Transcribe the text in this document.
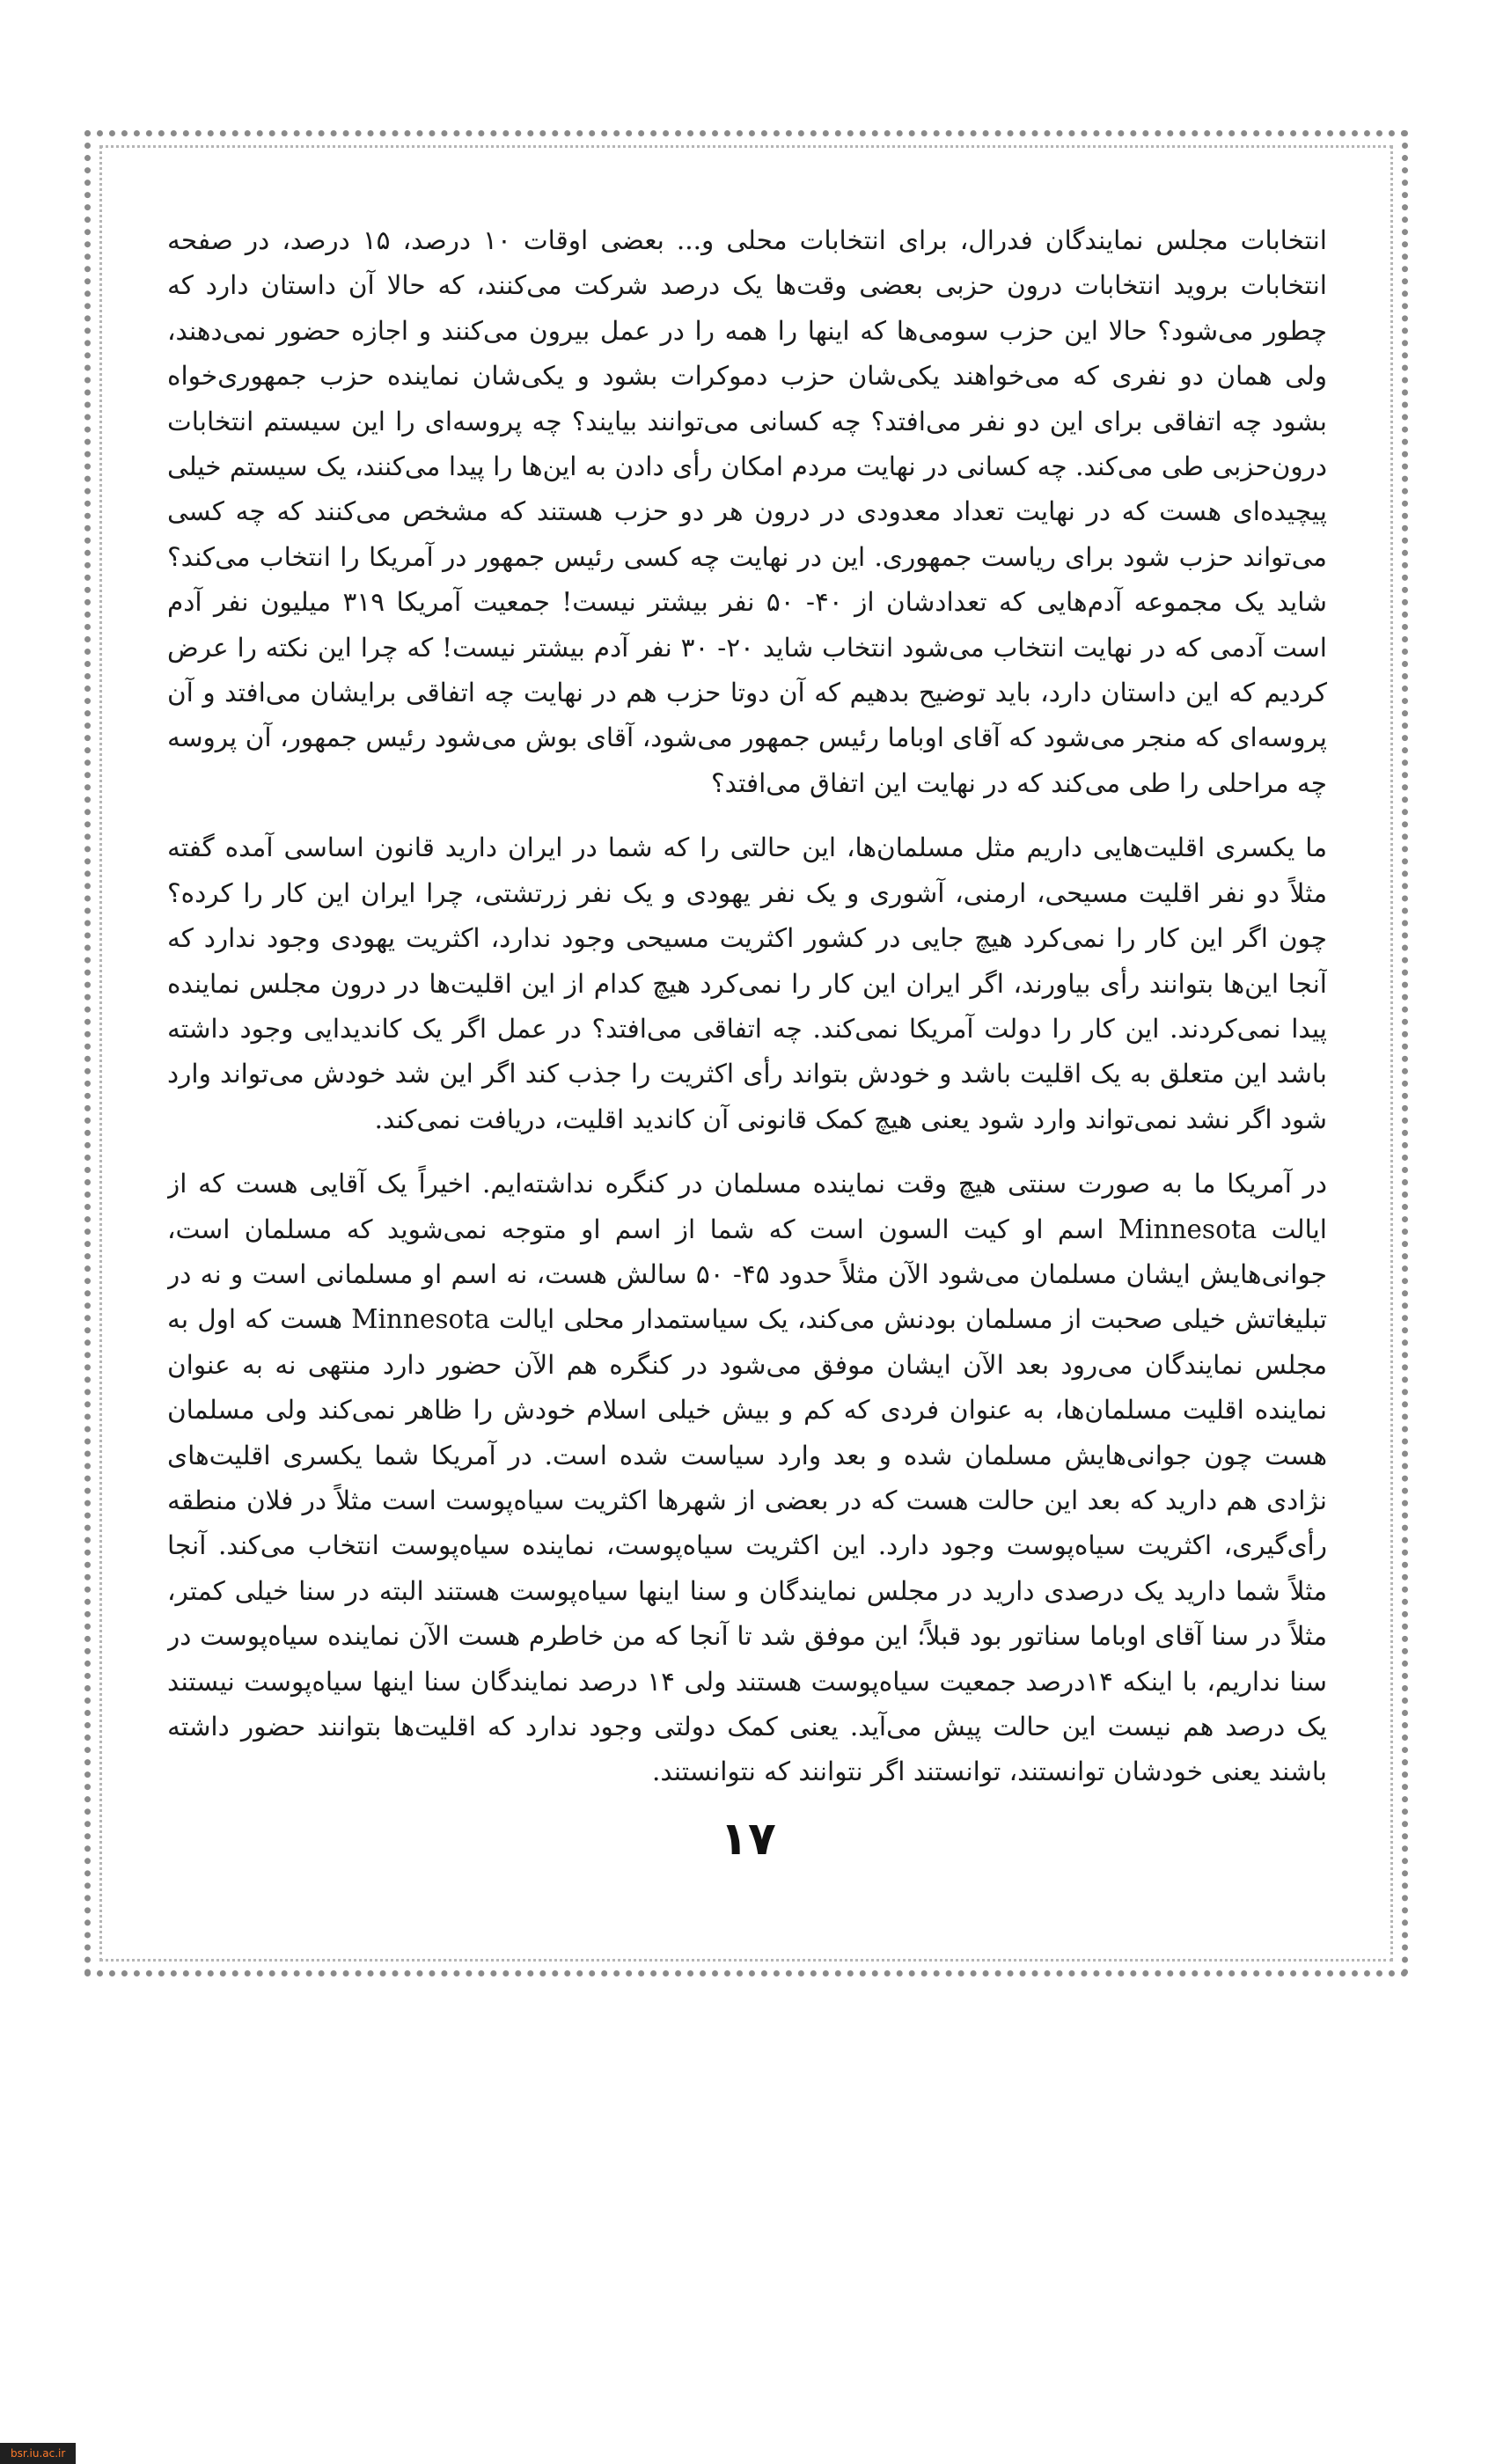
انتخابات مجلس نمایندگان فدرال، برای انتخابات محلی و... بعضی اوقات ۱۰ درصد، ۱۵ درصد، در صفحه انتخابات بروید انتخابات درون حزبی بعضی وقت‌ها یک درصد شرکت می‌کنند، که حالا آن داستان دارد که چطور می‌شود؟ حالا این حزب سومی‌ها که اینها را همه را در عمل بیرون می‌کنند و اجازه حضور نمی‌دهند، ولی همان دو نفری که می‌خواهند یکی‌شان حزب دموکرات بشود و یکی‌شان نماینده حزب جمهوری‌خواه بشود چه اتفاقی برای این دو نفر می‌افتد؟ چه کسانی می‌توانند بیایند؟ چه پروسه‌ای را این سیستم انتخابات درون‌حزبی طی می‌کند. چه کسانی در نهایت مردم امکان رأی دادن به این‌ها را پیدا می‌کنند، یک سیستم خیلی پیچیده‌ای هست که در نهایت تعداد معدودی در درون هر دو حزب هستند که مشخص می‌کنند که چه کسی می‌تواند حزب شود برای ریاست جمهوری. این در نهایت چه کسی رئیس جمهور در آمریکا را انتخاب می‌کند؟ شاید یک مجموعه آدم‌هایی که تعدادشان از ۴۰- ۵۰ نفر بیشتر نیست! جمعیت آمریکا ۳۱۹ میلیون نفر آدم است آدمی که در نهایت انتخاب می‌شود انتخاب شاید ۲۰- ۳۰ نفر آدم بیشتر نیست! که چرا این نکته را عرض کردیم که این داستان دارد، باید توضیح بدهیم که آن دوتا حزب هم در نهایت چه اتفاقی برایشان می‌افتد و آن پروسه‌ای که منجر می‌شود که آقای اوباما رئیس جمهور می‌شود، آقای بوش می‌شود رئیس جمهور، آن پروسه چه مراحلی را طی می‌کند که در نهایت این اتفاق می‌افتد؟

ما یکسری اقلیت‌هایی داریم مثل مسلمان‌ها، این حالتی را که شما در ایران دارید قانون اساسی آمده گفته مثلاً دو نفر اقلیت مسیحی، ارمنی، آشوری و یک نفر یهودی و یک نفر زرتشتی، چرا ایران این کار را کرده؟ چون اگر این کار را نمی‌کرد هیچ جایی در کشور اکثریت مسیحی وجود ندارد، اکثریت یهودی وجود ندارد که آنجا این‌ها بتوانند رأی بیاورند، اگر ایران این کار را نمی‌کرد هیچ کدام از این اقلیت‌ها در درون مجلس نماینده پیدا نمی‌کردند. این کار را دولت آمریکا نمی‌کند. چه اتفاقی می‌افتد؟ در عمل اگر یک کاندیدایی وجود داشته باشد این متعلق به یک اقلیت باشد و خودش بتواند رأی اکثریت را جذب کند اگر این شد خودش می‌تواند وارد شود اگر نشد نمی‌تواند وارد شود یعنی هیچ کمک قانونی آن کاندید اقلیت، دریافت نمی‌کند.

در آمریکا ما به صورت سنتی هیچ وقت نماینده مسلمان در کنگره نداشته‌ایم. اخیراً یک آقایی هست که از ایالت Minnesota اسم او کیت السون است که شما از اسم او متوجه نمی‌شوید که مسلمان است، جوانی‌هایش ایشان مسلمان می‌شود الآن مثلاً حدود ۴۵- ۵۰ سالش هست، نه اسم او مسلمانی است و نه در تبلیغاتش خیلی صحبت از مسلمان بودنش می‌کند، یک سیاستمدار محلی ایالت Minnesota هست که اول به مجلس نمایندگان می‌رود بعد الآن ایشان موفق می‌شود در کنگره هم الآن حضور دارد منتهی نه به عنوان نماینده اقلیت مسلمان‌ها، به عنوان فردی که کم و بیش خیلی اسلام خودش را ظاهر نمی‌کند ولی مسلمان هست چون جوانی‌هایش مسلمان شده و بعد وارد سیاست شده است. در آمریکا شما یکسری اقلیت‌های نژادی هم دارید که بعد این حالت هست که در بعضی از شهرها اکثریت سیاه‌پوست است مثلاً در فلان منطقه رأی‌گیری، اکثریت سیاه‌پوست وجود دارد. این اکثریت سیاه‌پوست، نماینده سیاه‌پوست انتخاب می‌کند. آنجا مثلاً شما دارید یک درصدی دارید در مجلس نمایندگان و سنا اینها سیاه‌پوست هستند البته در سنا خیلی کمتر، مثلاً در سنا آقای اوباما سناتور بود قبلاً؛ این موفق شد تا آنجا که من خاطرم هست الآن نماینده سیاه‌پوست در سنا نداریم، با اینکه ۱۴درصد جمعیت سیاه‌پوست هستند ولی ۱۴ درصد نمایندگان سنا اینها سیاه‌پوست نیستند یک درصد هم نیست این حالت پیش می‌آید. یعنی کمک دولتی وجود ندارد که اقلیت‌ها بتوانند حضور داشته باشند یعنی خودشان توانستند، توانستند اگر نتوانند که نتوانستند.

۱۷
bsr.iu.ac.ir
